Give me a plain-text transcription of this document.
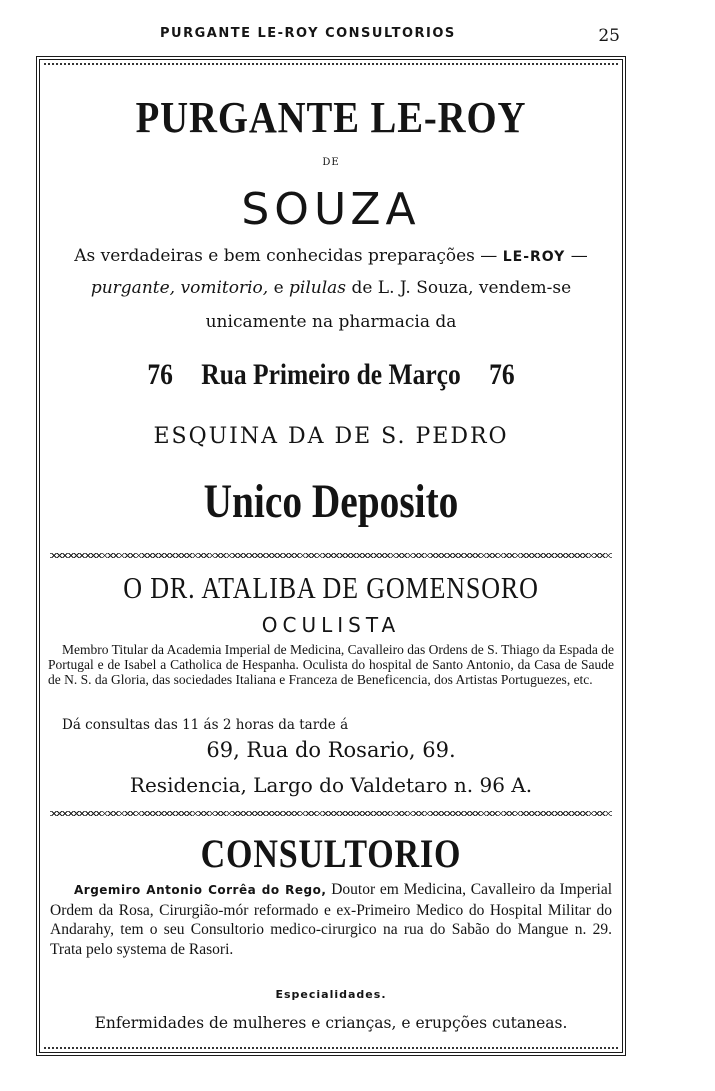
PURGANTE LE-ROY CONSULTORIOS	25
PURGANTE LE-ROY
DE
SOUZA
As verdadeiras e bem conhecidas preparações — LE-ROY —
purgante, vomitorio, e pilulas de L. J. Souza, vendem-se
unicamente na pharmacia da
76 Rua Primeiro de Março 76
ESQUINA DA DE S. PEDRO
Unico Deposito
O DR. ATALIBA DE GOMENSORO
OCULISTA
Membro Titular da Academia Imperial de Medicina, Cavalleiro das Ordens de S. Thiago da Espada de Portugal e de Isabel a Catholica de Hespanha. Oculista do hospital de Santo Antonio, da Casa de Saude de N. S. da Gloria, das sociedades Italiana e Franceza de Beneficencia, dos Artistas Portuguezes, etc.
Dá consultas das 11 ás 2 horas da tarde á
69, Rua do Rosario, 69.
Residencia, Largo do Valdetaro n. 96 A.
CONSULTORIO
Argemiro Antonio Corrêa do Rego, Doutor em Medicina, Cavalleiro da Imperial Ordem da Rosa, Cirurgião-mór reformado e ex-Primeiro Medico do Hospital Militar do Andarahy, tem o seu Consultorio medico-cirurgico na rua do Sabão do Mangue n. 29. Trata pelo systema de Rasori.
Especialidades.
Enfermidades de mulheres e crianças, e erupções cutaneas.
